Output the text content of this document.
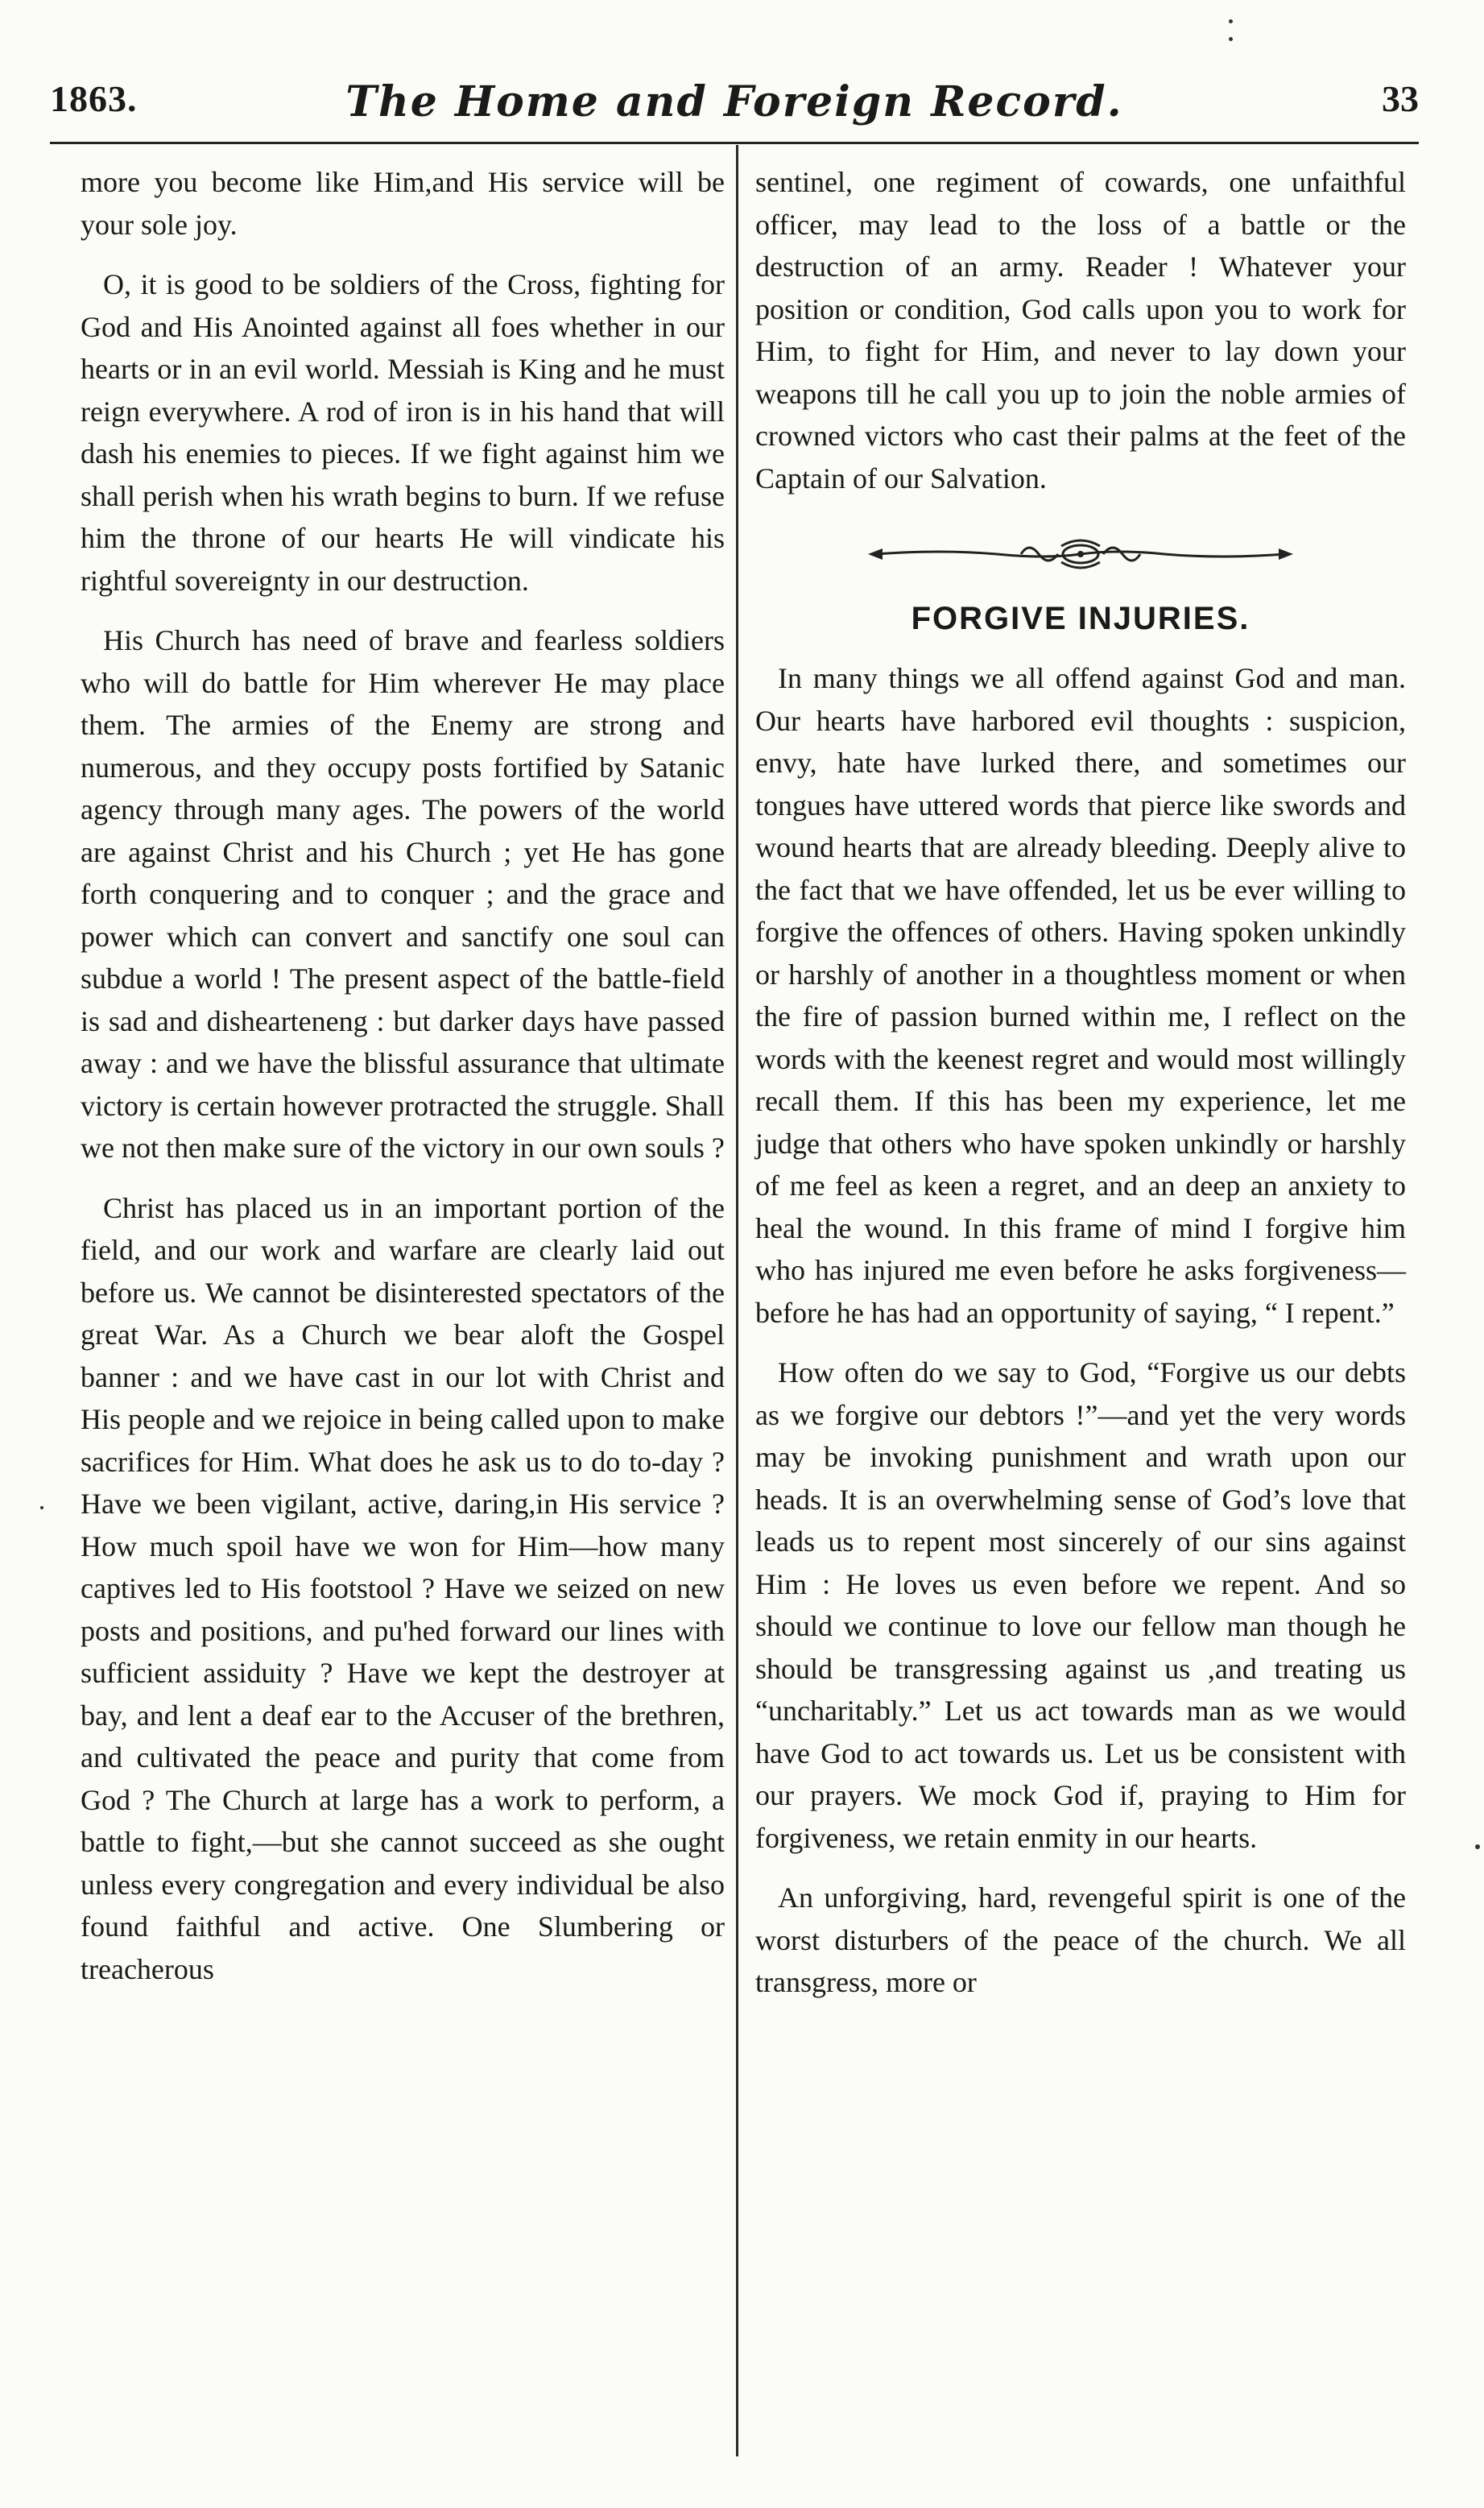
1863.	The Home and Foreign Record.	33

more you become like Him,and His service will be your sole joy.

O, it is good to be soldiers of the Cross, fighting for God and His Anointed against all foes whether in our hearts or in an evil world. Messiah is King and he must reign everywhere. A rod of iron is in his hand that will dash his enemies to pieces. If we fight against him we shall perish when his wrath begins to burn. If we refuse him the throne of our hearts He will vindicate his rightful sovereignty in our destruction.

His Church has need of brave and fearless soldiers who will do battle for Him wherever He may place them. The armies of the Enemy are strong and numerous, and they occupy posts fortified by Satanic agency through many ages. The powers of the world are against Christ and his Church ; yet He has gone forth conquering and to conquer ; and the grace and power which can convert and sanctify one soul can subdue a world ! The present aspect of the battle-field is sad and dishearteneng : but darker days have passed away : and we have the blissful assurance that ultimate victory is certain however protracted the struggle. Shall we not then make sure of the victory in our own souls ?

Christ has placed us in an important portion of the field, and our work and warfare are clearly laid out before us. We cannot be disinterested spectators of the great War. As a Church we bear aloft the Gospel banner : and we have cast in our lot with Christ and His people and we rejoice in being called upon to make sacrifices for Him. What does he ask us to do to-day ? Have we been vigilant, active, daring,in His service ? How much spoil have we won for Him—how many captives led to His footstool ? Have we seized on new posts and positions, and pu'hed forward our lines with sufficient assiduity ? Have we kept the destroyer at bay, and lent a deaf ear to the Accuser of the brethren, and cultivated the peace and purity that come from God ? The Church at large has a work to perform, a battle to fight,—but she cannot succeed as she ought unless every congregation and every individual be also found faithful and active. One Slumbering or treacherous

sentinel, one regiment of cowards, one unfaithful officer, may lead to the loss of a battle or the destruction of an army. Reader ! Whatever your position or condition, God calls upon you to work for Him, to fight for Him, and never to lay down your weapons till he call you up to join the noble armies of crowned victors who cast their palms at the feet of the Captain of our Salvation.

FORGIVE INJURIES.

In many things we all offend against God and man. Our hearts have harbored evil thoughts : suspicion, envy, hate have lurked there, and sometimes our tongues have uttered words that pierce like swords and wound hearts that are already bleeding. Deeply alive to the fact that we have offended, let us be ever willing to forgive the offences of others. Having spoken unkindly or harshly of another in a thoughtless moment or when the fire of passion burned within me, I reflect on the words with the keenest regret and would most willingly recall them. If this has been my experience, let me judge that others who have spoken unkindly or harshly of me feel as keen a regret, and an deep an anxiety to heal the wound. In this frame of mind I forgive him who has injured me even before he asks forgiveness—before he has had an opportunity of saying, “ I repent.”

How often do we say to God, “Forgive us our debts as we forgive our debtors !”—and yet the very words may be invoking punishment and wrath upon our heads. It is an overwhelming sense of God’s love that leads us to repent most sincerely of our sins against Him : He loves us even before we repent. And so should we continue to love our fellow man though he should be transgressing against us ,and treating us “uncharitably.” Let us act towards man as we would have God to act towards us. Let us be consistent with our prayers. We mock God if, praying to Him for forgiveness, we retain enmity in our hearts.

An unforgiving, hard, revengeful spirit is one of the worst disturbers of the peace of the church. We all transgress, more or
